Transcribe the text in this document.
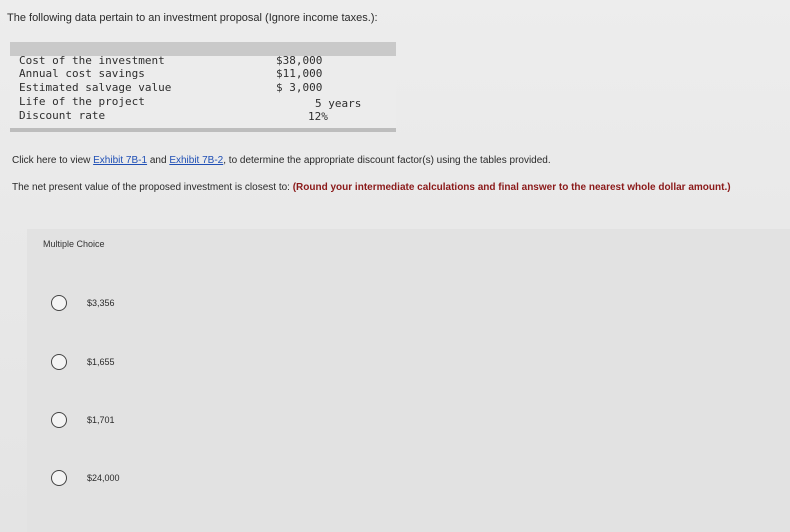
The following data pertain to an investment proposal (Ignore income taxes.):
Cost of the investment	$38,000
Annual cost savings	$11,000
Estimated salvage value	$ 3,000
Life of the project	5 years
Discount rate	12%
Click here to view Exhibit 7B-1 and Exhibit 7B-2, to determine the appropriate discount factor(s) using the tables provided.
The net present value of the proposed investment is closest to: (Round your intermediate calculations and final answer to the nearest whole dollar amount.)
Multiple Choice
$3,356
$1,655
$1,701
$24,000
